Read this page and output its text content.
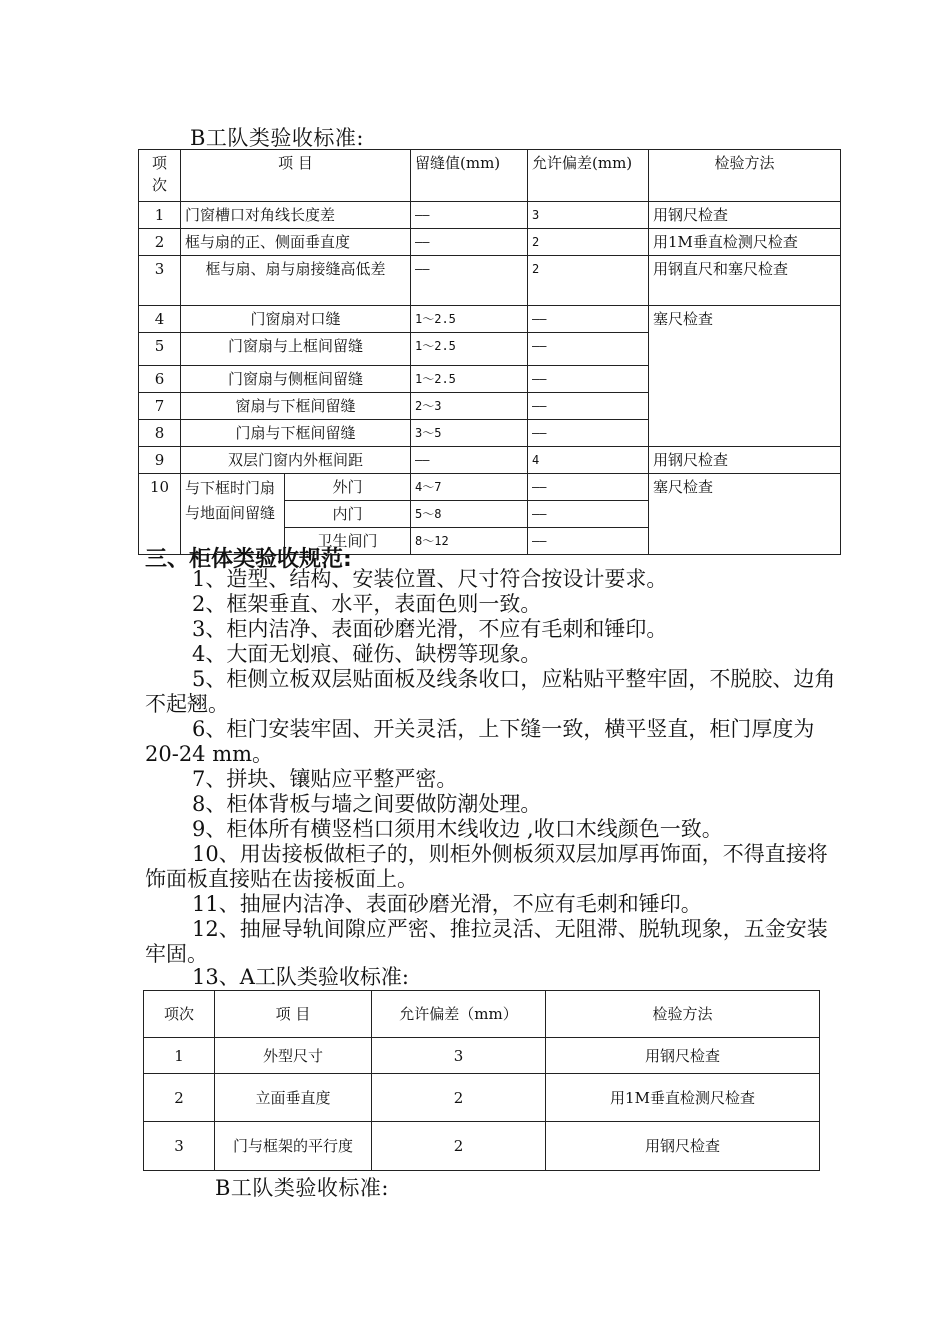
B工队类验收标准:
项次	项 目		留缝值(mm)	允许偏差(mm)	检验方法
1	门窗槽口对角线长度差		——	3	用钢尺检查
2	框与扇的正、侧面垂直度		——	2	用1M垂直检测尺检查
3	框与扇、扇与扇接缝高低差		——	2	用钢直尺和塞尺检查
4	门窗扇对口缝		1～2.5	——	塞尺检查
5	门窗扇与上框间留缝		1～2.5	——	
6	门窗扇与侧框间留缝		1～2.5	——	
7	窗扇与下框间留缝		2～3	——	
8	门扇与下框间留缝		3～5	——	
9	双层门窗内外框间距		——	4	用钢尺检查
10	与下框时门扇与地面间留缝	外门	4～7	——	塞尺检查
		内门	5～8	——	
		卫生间门	8～12	——	
三、柜体类验收规范:

1、造型、结构、安装位置、尺寸符合按设计要求。

2、框架垂直、水平，表面色则一致。

3、柜内洁净、表面砂磨光滑，不应有毛刺和锤印。

4、大面无划痕、碰伤、缺楞等现象。

5、柜侧立板双层贴面板及线条收口，应粘贴平整牢固，不脱胶、边角不起翘。

6、柜门安装牢固、开关灵活，上下缝一致，横平竖直，柜门厚度为20-24 mm。

7、拼块、镶贴应平整严密。

8、柜体背板与墙之间要做防潮处理。

9、柜体所有横竖档口须用木线收边 ,收口木线颜色一致。

10、用齿接板做柜子的，则柜外侧板须双层加厚再饰面，不得直接将饰面板直接贴在齿接板面上。

11、抽屉内洁净、表面砂磨光滑，不应有毛刺和锤印。

12、抽屉导轨间隙应严密、推拉灵活、无阻滞、脱轨现象，五金安装牢固。

13、A工队类验收标准:

项次	项 目	允许偏差（mm）	检验方法
1	外型尺寸	3	用钢尺检查
2	立面垂直度	2	用1M垂直检测尺检查
3	门与框架的平行度	2	用钢尺检查
B工队类验收标准:
